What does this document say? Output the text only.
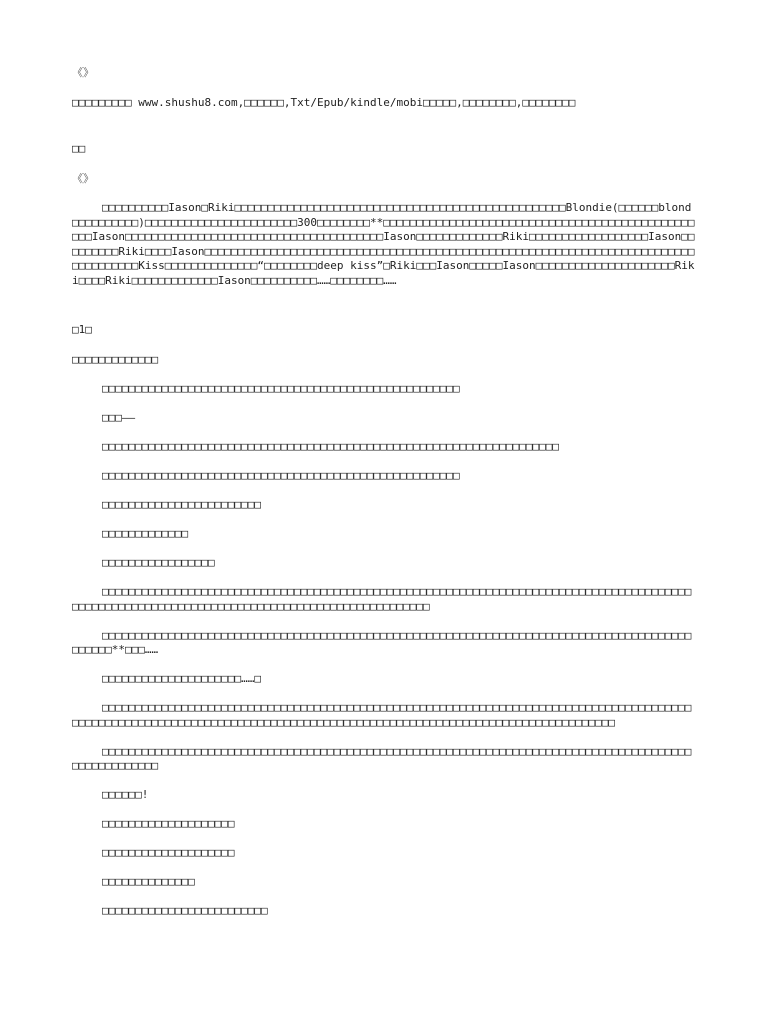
《》

□□□□□□□□□ www.shushu8.com,□□□□□□,Txt/Epub/kindle/mobi□□□□□,□□□□□□□□,□□□□□□□□

□□

《》

□□□□□□□□□□Iason□Riki□□□□□□□□□□□□□□□□□□□□□□□□□□□□□□□□□□□□□□□□□□□□□□□□□□Blondie(□□□□□□blond□□□□□□□□□□)□□□□□□□□□□□□□□□□□□□□□□□300□□□□□□□□**□□□□□□□□□□□□□□□□□□□□□□□□□□□□□□□□□□□□□□□□□□□□□□□□□□Iason□□□□□□□□□□□□□□□□□□□□□□□□□□□□□□□□□□□□□□□Iason□□□□□□□□□□□□□Riki□□□□□□□□□□□□□□□□□□Iason□□□□□□□□□Riki□□□□Iason□□□□□□□□□□□□□□□□□□□□□□□□□□□□□□□□□□□□□□□□□□□□□□□□□□□□□□□□□□□□□□□□□□□□□□□□□□□□□□□□□□□□Kiss□□□□□□□□□□□□□□“□□□□□□□□deep kiss”□Riki□□□Iason□□□□□Iason□□□□□□□□□□□□□□□□□□□□□Riki□□□□Riki□□□□□□□□□□□□□Iason□□□□□□□□□□……□□□□□□□□……

□1□

□□□□□□□□□□□□□

□□□□□□□□□□□□□□□□□□□□□□□□□□□□□□□□□□□□□□□□□□□□□□□□□□□□□□

□□□——

□□□□□□□□□□□□□□□□□□□□□□□□□□□□□□□□□□□□□□□□□□□□□□□□□□□□□□□□□□□□□□□□□□□□□

□□□□□□□□□□□□□□□□□□□□□□□□□□□□□□□□□□□□□□□□□□□□□□□□□□□□□□

□□□□□□□□□□□□□□□□□□□□□□□□

□□□□□□□□□□□□□

□□□□□□□□□□□□□□□□□

□□□□□□□□□□□□□□□□□□□□□□□□□□□□□□□□□□□□□□□□□□□□□□□□□□□□□□□□□□□□□□□□□□□□□□□□□□□□□□□□□□□□□□□□□□□□□□□□□□□□□□□□□□□□□□□□□□□□□□□□□□□□□□□□□□□□□□□□□□□□□□□

□□□□□□□□□□□□□□□□□□□□□□□□□□□□□□□□□□□□□□□□□□□□□□□□□□□□□□□□□□□□□□□□□□□□□□□□□□□□□□□□□□□□□□□□□□□□□□□**□□□……

□□□□□□□□□□□□□□□□□□□□□……□

□□□□□□□□□□□□□□□□□□□□□□□□□□□□□□□□□□□□□□□□□□□□□□□□□□□□□□□□□□□□□□□□□□□□□□□□□□□□□□□□□□□□□□□□□□□□□□□□□□□□□□□□□□□□□□□□□□□□□□□□□□□□□□□□□□□□□□□□□□□□□□□□□□□□□□□□□□□□□□□□□□□□□□□□□□□

□□□□□□□□□□□□□□□□□□□□□□□□□□□□□□□□□□□□□□□□□□□□□□□□□□□□□□□□□□□□□□□□□□□□□□□□□□□□□□□□□□□□□□□□□□□□□□□□□□□□□□

□□□□□□!

□□□□□□□□□□□□□□□□□□□□

□□□□□□□□□□□□□□□□□□□□

□□□□□□□□□□□□□□

□□□□□□□□□□□□□□□□□□□□□□□□□
